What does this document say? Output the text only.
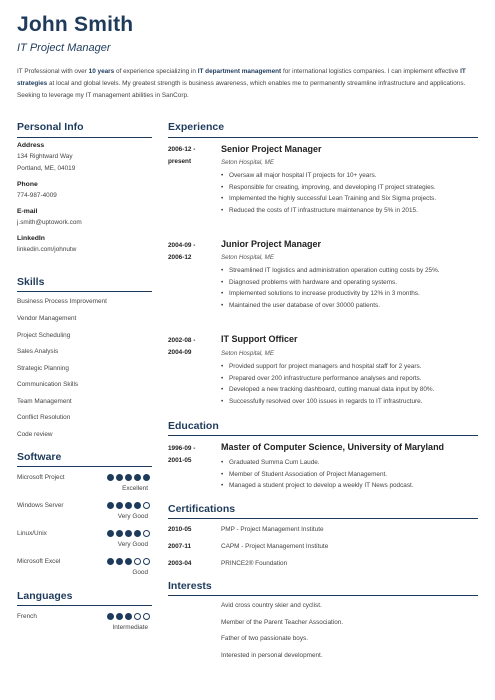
John Smith
IT Project Manager
IT Professional with over 10 years of experience specializing in IT department management for international logistics companies. I can implement effective IT strategies at local and global levels. My greatest strength is business awareness, which enables me to permanently streamline infrastructure and applications. Seeking to leverage my IT management abilities in SanCorp.
Personal Info
Address
134 Rightward Way
Portland, ME, 04019
Phone
774-987-4009
E-mail
j.smith@uptowork.com
LinkedIn
linkedin.com/johnutw
Skills
Business Process Improvement
Vendor Management
Project Scheduling
Sales Analysis
Strategic Planning
Communication Skills
Team Management
Conflict Resolution
Code review
Software
Microsoft Project
Excellent
Windows Server
Very Good
Linux/Unix
Very Good
Microsoft Excel
Good
Languages
French
Intermediate
Experience
2006-12 -
present
Senior Project Manager
Seton Hospital, ME
• Oversaw all major hospital IT projects for 10+ years.
• Responsible for creating, improving, and developing IT project strategies.
• Implemented the highly successful Lean Training and Six Sigma projects.
• Reduced the costs of IT infrastructure maintenance by 5% in 2015.
2004-09 -
2006-12
Junior Project Manager
Seton Hospital, ME
• Streamlined IT logistics and administration operation cutting costs by 25%.
• Diagnosed problems with hardware and operating systems.
• Implemented solutions to increase productivity by 12% in 3 months.
• Maintained the user database of over 30000 patients.
2002-08 -
2004-09
IT Support Officer
Seton Hospital, ME
• Provided support for project managers and hospital staff for 2 years.
• Prepared over 200 infrastructure performance analyses and reports.
• Developed a new tracking dashboard, cutting manual data input by 80%.
• Successfully resolved over 100 issues in regards to IT infrastructure.
Education
1996-09 -
2001-05
Master of Computer Science, University of Maryland
• Graduated Summa Cum Laude.
• Member of Student Association of Project Management.
• Managed a student project to develop a weekly IT News podcast.
Certifications
2010-05	PMP - Project Management Institute
2007-11	CAPM - Project Management Institute
2003-04	PRINCE2® Foundation
Interests
Avid cross country skier and cyclist.
Member of the Parent Teacher Association.
Father of two passionate boys.
Interested in personal development.
